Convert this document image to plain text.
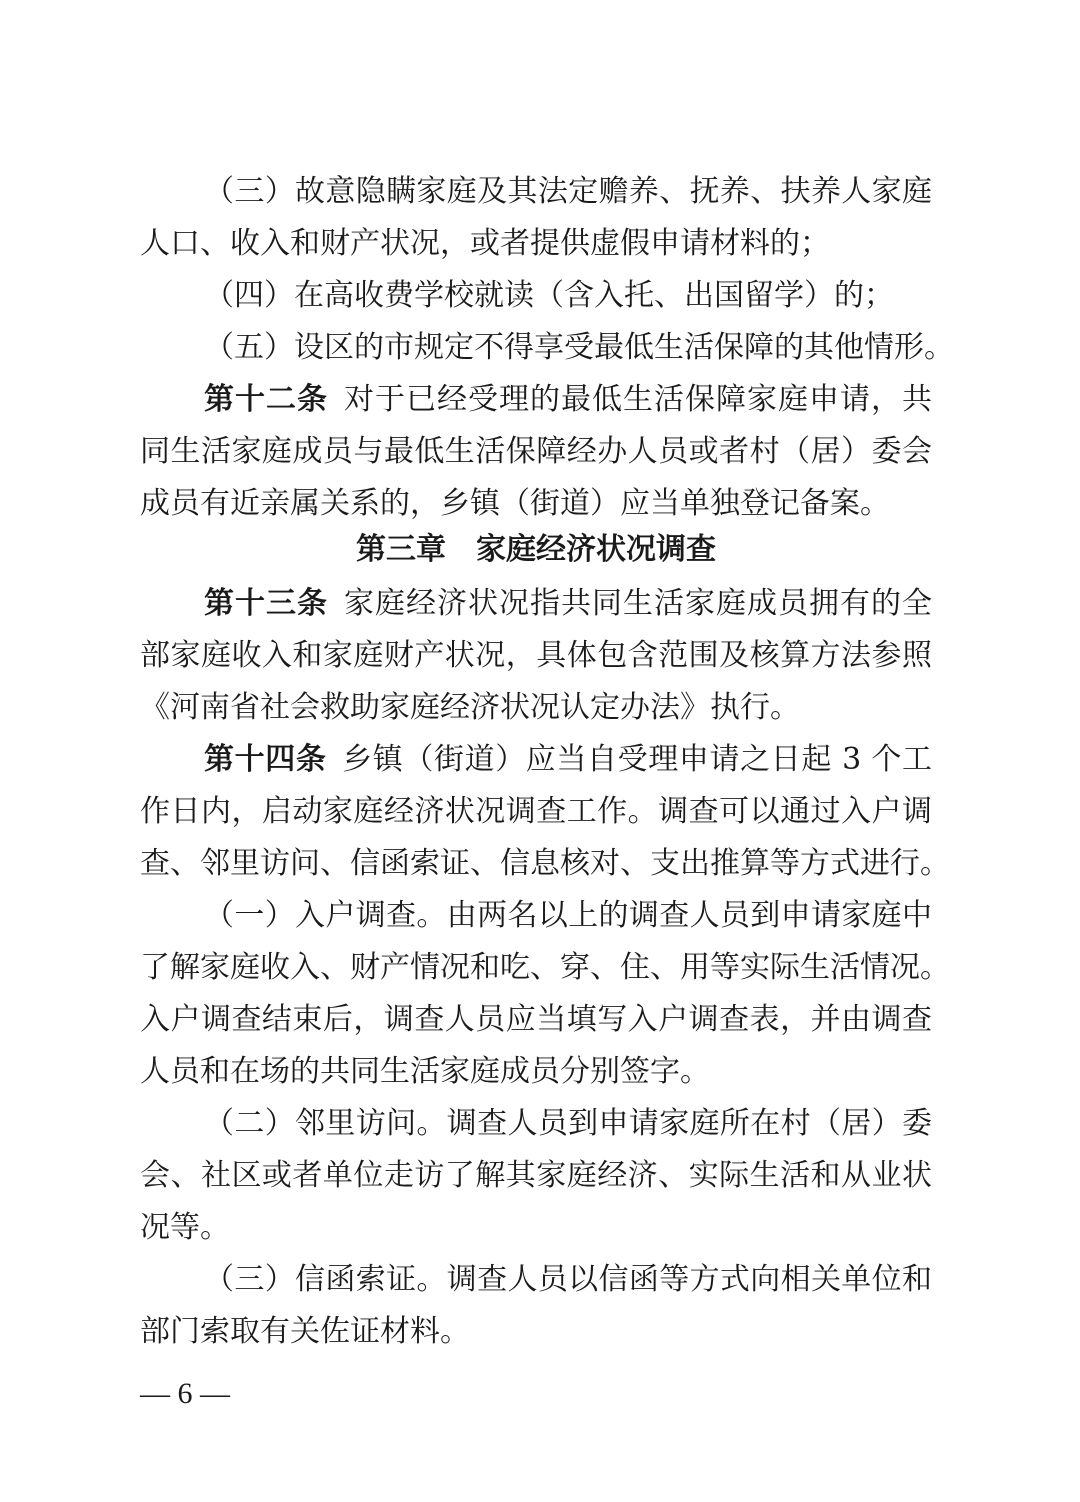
（三）故意隐瞒家庭及其法定赡养、抚养、扶养人家庭
人口、收入和财产状况，或者提供虚假申请材料的；
（四）在高收费学校就读（含入托、出国留学）的；
（五）设区的市规定不得享受最低生活保障的其他情形。
第十二条  对于已经受理的最低生活保障家庭申请，共
同生活家庭成员与最低生活保障经办人员或者村（居）委会
成员有近亲属关系的，乡镇（街道）应当单独登记备案。
第三章　家庭经济状况调查
第十三条  家庭经济状况指共同生活家庭成员拥有的全
部家庭收入和家庭财产状况，具体包含范围及核算方法参照
《河南省社会救助家庭经济状况认定办法》执行。
第十四条  乡镇（街道）应当自受理申请之日起 3 个工
作日内，启动家庭经济状况调查工作。调查可以通过入户调
查、邻里访问、信函索证、信息核对、支出推算等方式进行。
（一）入户调查。由两名以上的调查人员到申请家庭中
了解家庭收入、财产情况和吃、穿、住、用等实际生活情况。
入户调查结束后，调查人员应当填写入户调查表，并由调查
人员和在场的共同生活家庭成员分别签字。
（二）邻里访问。调查人员到申请家庭所在村（居）委
会、社区或者单位走访了解其家庭经济、实际生活和从业状
况等。
（三）信函索证。调查人员以信函等方式向相关单位和
部门索取有关佐证材料。
— 6 —
